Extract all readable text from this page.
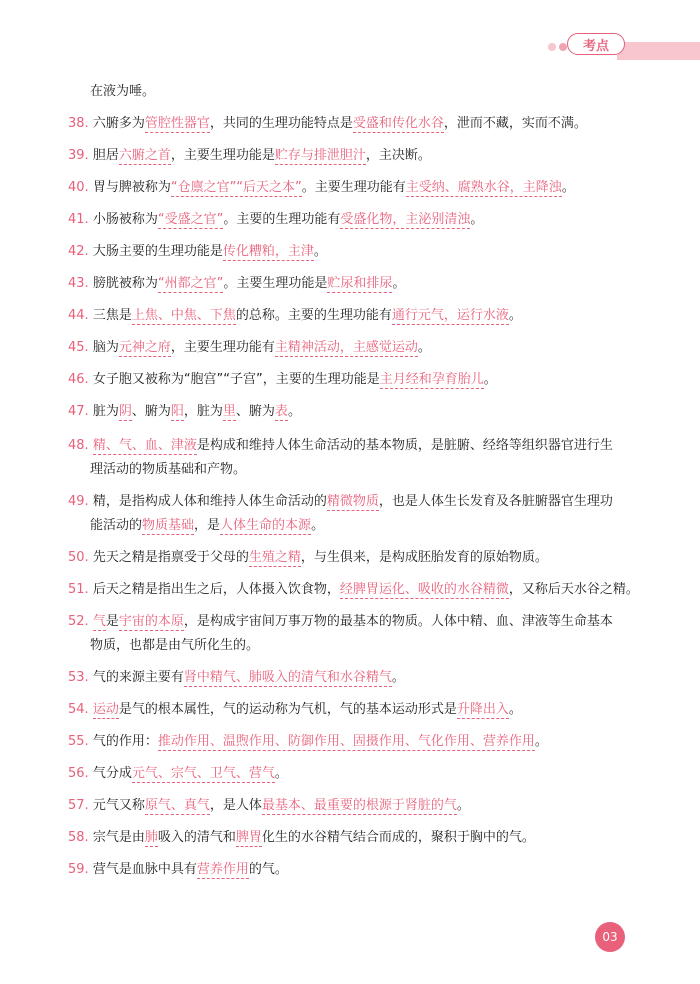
考点
在液为唾。
38. 六腑多为管腔性器官，共同的生理功能特点是受盛和传化水谷，泄而不藏，实而不满。
39. 胆居六腑之首，主要生理功能是贮存与排泄胆汁，主决断。
40. 胃与脾被称为“仓廪之官”“后天之本”。主要生理功能有主受纳、腐熟水谷，主降浊。
41. 小肠被称为“受盛之官”。主要的生理功能有受盛化物，主泌别清浊。
42. 大肠主要的生理功能是传化糟粕，主津。
43. 膀胱被称为“州都之官”。主要生理功能是贮尿和排尿。
44. 三焦是上焦、中焦、下焦的总称。主要的生理功能有通行元气，运行水液。
45. 脑为元神之府，主要生理功能有主精神活动，主感觉运动。
46. 女子胞又被称为“胞宫”“子宫”，主要的生理功能是主月经和孕育胎儿。
47. 脏为阴、腑为阳，脏为里、腑为表。
48. 精、气、血、津液是构成和维持人体生命活动的基本物质，是脏腑、经络等组织器官进行生
理活动的物质基础和产物。
49. 精，是指构成人体和维持人体生命活动的精微物质，也是人体生长发育及各脏腑器官生理功
能活动的物质基础，是人体生命的本源。
50. 先天之精是指禀受于父母的生殖之精，与生俱来，是构成胚胎发育的原始物质。
51. 后天之精是指出生之后，人体摄入饮食物，经脾胃运化、吸收的水谷精微，又称后天水谷之精。
52. 气是宇宙的本原，是构成宇宙间万事万物的最基本的物质。人体中精、血、津液等生命基本
物质，也都是由气所化生的。
53. 气的来源主要有肾中精气、肺吸入的清气和水谷精气。
54. 运动是气的根本属性，气的运动称为气机，气的基本运动形式是升降出入。
55. 气的作用：推动作用、温煦作用、防御作用、固摄作用、气化作用、营养作用。
56. 气分成元气、宗气、卫气、营气。
57. 元气又称原气、真气，是人体最基本、最重要的根源于肾脏的气。
58. 宗气是由肺吸入的清气和脾胃化生的水谷精气结合而成的，聚积于胸中的气。
59. 营气是血脉中具有营养作用的气。
03
